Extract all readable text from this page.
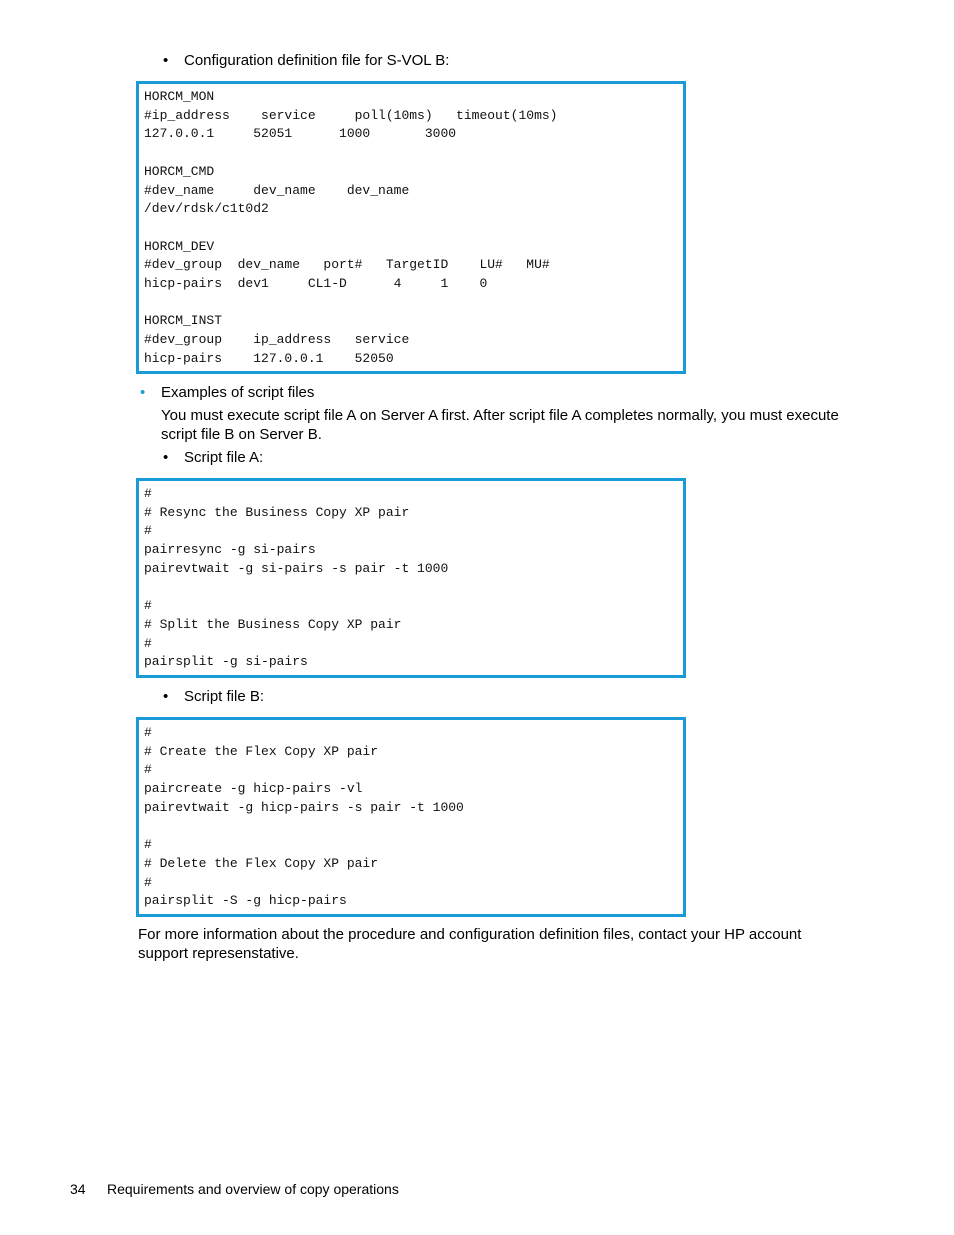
• Configuration definition file for S-VOL B:
HORCM_MON
#ip_address    service     poll(10ms)   timeout(10ms)
127.0.0.1     52051      1000       3000

HORCM_CMD
#dev_name     dev_name    dev_name
/dev/rdsk/c1t0d2

HORCM_DEV
#dev_group  dev_name   port#   TargetID    LU#   MU#
hicp-pairs  dev1     CL1-D      4     1    0

HORCM_INST
#dev_group    ip_address   service
hicp-pairs    127.0.0.1    52050
• Examples of script files
You must execute script file A on Server A first. After script file A completes normally, you must execute
script file B on Server B.
• Script file A:
#
# Resync the Business Copy XP pair
#
pairresync -g si-pairs
pairevtwait -g si-pairs -s pair -t 1000

#
# Split the Business Copy XP pair
#
pairsplit -g si-pairs
• Script file B:
#
# Create the Flex Copy XP pair
#
paircreate -g hicp-pairs -vl
pairevtwait -g hicp-pairs -s pair -t 1000

#
# Delete the Flex Copy XP pair
#
pairsplit -S -g hicp-pairs
For more information about the procedure and configuration definition files, contact your HP account
support represenstative.
34 Requirements and overview of copy operations
